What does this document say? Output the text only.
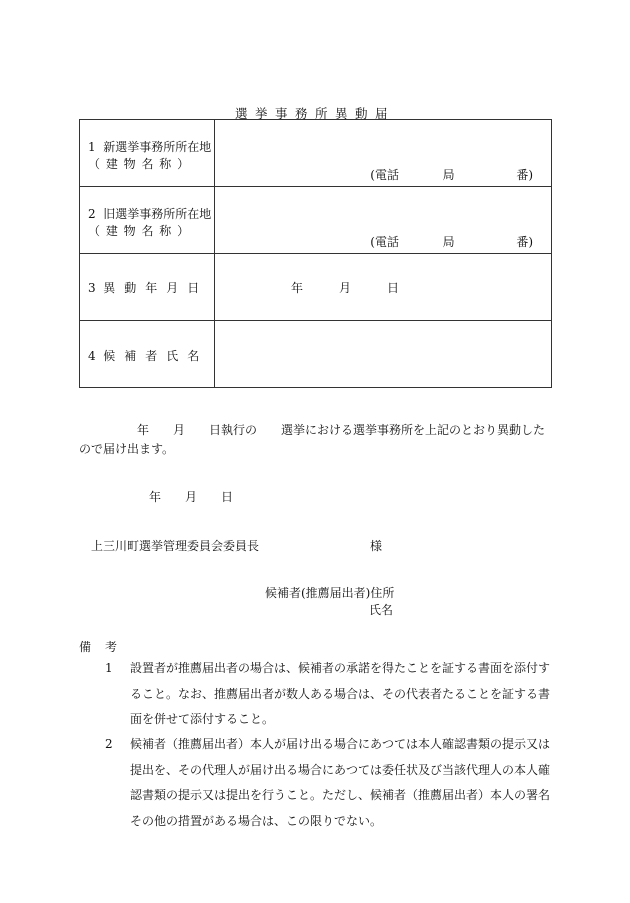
選挙事務所異動届
1 新選挙事務所所在地
（ 建 物 名 称 ）	(電話 局 番)

2 旧選挙事務所所在地
（ 建 物 名 称 ）	(電話 局 番)

3 異動年月日	年 月 日

4 候補者氏名	

年 月 日執行の 選挙における選挙事務所を上記のとおり異動したので届け出ます。
年 月 日
上三川町選挙管理委員会委員長	様
候補者(推薦届出者)住所
氏名
備考
1	設置者が推薦届出者の場合は、候補者の承諾を得たことを証する書面を添付すること。なお、推薦届出者が数人ある場合は、その代表者たることを証する書面を併せて添付すること。
2	候補者（推薦届出者）本人が届け出る場合にあつては本人確認書類の提示又は提出を、その代理人が届け出る場合にあつては委任状及び当該代理人の本人確認書類の提示又は提出を行うこと。ただし、候補者（推薦届出者）本人の署名その他の措置がある場合は、この限りでない。
